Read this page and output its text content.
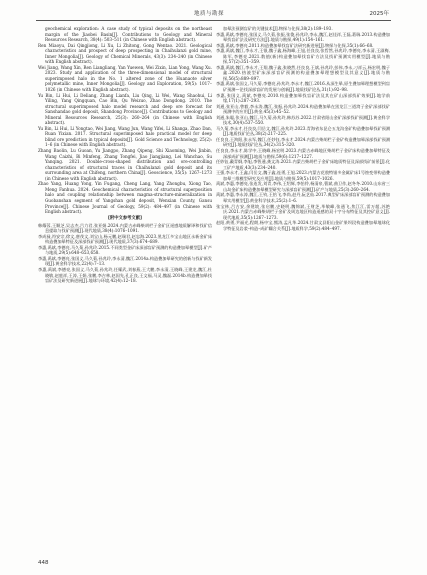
地质与勘探	2025年

geochemical exploration: A case study of typical deposits on the northeast margin of the Jiaobei Basin[J]. Contributions to Geology and Mineral Resources Research, 38(4): 503–511 (in Chinese with English abstract).

Ren Miaoyu, Dai Qingjiong, Li Xu, Li Zhitong, Gong Wentao. 2021. Geological characteristics and prospect of deep prospecting in Chaihulanzi gold mine, Inner Mongolia[J]. Geology of Chemical Minerals, 43(3): 234–240 (in Chinese with English abstract).

Wei Jiang, Wang Xin, Ren Liangliang, Yan Yuewen, Wei Zixin, Lian Yong, Wang Xu. 2023. Study and application of the three-dimensional model of structural superimposed halo in the No. 1 altered zone of the Huanaote silver polymetallic mine, Inner Mongolia[J]. Geology and Exploration, 59(5): 1017–1026 (in Chinese with English abstract).

Yu Bin, Li Hui, Li Deliang, Zhang Lianfa, Liu Qing, Li Wei, Wang Shaohui, Li Yiling, Yang Qingquan, Cao Bin, Qu Weizuo, Zhao Dongdong. 2010. The structural superimposed halo model research and deep ore forecast for Sanshandao gold deposit, Shandong Province[J]. Contributions to Geology and Mineral Resources Research, 25(3): 260–264 (in Chinese with English abstract).

Yu Bin, Li Hui, Li Yongtao, Wei Jiang, Wang Jun, Wang Yifei, Li Shanga, Zhao Dan, Ruan Yixian. 2017. Structural superimposed halo practical model for deep blind ore prediction in typical deposits[J]. Gold Science and Technology, 25(2): 1–6 (in Chinese with English abstract).

Zhang Baolin, Lu Guoan, Yu Jiangpo, Zhang Qipeng, Shi Xiaoming, Wei Jinbin, Wang Caizhi, Bi Minfeng, Zhang Tongfei, Jiao Jiangjiang, Lei Wanchao, Su Yanqing. 2021. Double-cross-shaped distribution and ore-controlling characteristics of structural traces in Chaihulanzi gold deposit and its surrounding area at Chifeng, northern China[J]. Geoscience, 35(5): 1267–1273 (in Chinese with English abstract).

Zhao Yang, Huang Yong, Yin Fugang, Cheng Lang, Yang Zhongbu, Xiong Tao, Meng Fanhua. 2024. Geochemical characteristics of structural superposition halo and coupling relationship between magma-structure-mineralization in Guobanshan segment of Yangshan gold deposit, Wenxian County, Gansu Province[J]. Chinese Journal of Geology, 59(2): 484–497 (in Chinese with English abstract).

[附中文参考文献]

韩耀蓉,王顺芝,吴志杰,吕力君,张亚娟.2024.内蒙古赤峰柴胡栏子金矿区遥感地质解译和找矿信息提取与找矿预测[J].现代地质,38(4):1076–1091.

李成禄,符安宗,徐文,唐茂文,刘宝山,杨元鹏,赵瑞君,赵忠海.2023.黑龙江多宝山地区永新金矿床构造叠加晕特征及深部找矿预测[J].现代地质,37(3):674–689.

李惠,禹斌,李德亮,马久菊,孙兆玲.2015.不同类型金矿床深部盲矿预测的构造叠加晕模型[J].矿产与地质,29(5):648–653,658.

李惠,禹斌,李德亮,张国义,马久菊,孙兆玲,李永清,魏江.2014a.构造叠加晕研究的创新与找矿新发现[J].黄金科学技术,22(4):7–13.

李惠,禹斌,李德亮,张国义,马久菊,孙兆玲,任耀武,刘春燕,王大鹏,李永清,王晓峰,王建龙,魏江,杜晓敏,赵庭祥,王涛,王娟,张鹏,李吉林,赵国先,孔正良,王文福,马灵,魏磊.2014b.构造叠加晕找盲矿法及研究新进展[J].地球与环境,42(4):12–18.

加晕法预测盲矿的关键技术[J].物探与化探,38(2):189–193.

李惠,禹斌,李德亮,张国义,马久菊,张振,张俊,孙兆玲,李永,魏江,赵佳祥,王磊,葛瑞.2013.构造叠加晕找盲矿法及研究方法[J].地质与勘探,49(1):154–161.

李惠,禹斌,李德亮.2011.构造叠加晕找盲矿法研究新进展[J].物探与化探,35(1):66–68.

李惠,禹斌,魏江,李永才,王银,魏子鑫,杨海峰,王旭,任良良,张哲然,孙兆玲,李德亮,李永清,王淑梅,陈军,李德亮.2021.数值(新)构造叠加晕找盲矿方法及找矿预测实用模型[J].地质与勘探,57(2):351–359.

李惠,禹斌,魏江,李永才,王翔,魏子鑫,张晓然,任良良,王斌,孙兆玲,彭伟,李永,刁祥云,杨宏明,魏子鑫.2020.热液型矿床深部盲矿预测的构造叠加晕理想模型及其意义[J].地质与勘探,56(5):889–897.

李惠,禹斌,张国义,马久菊,李德亮,孙兆玲,李永才,魏江.2016.从深生晕,原生叠加晕理想模型到盲矿预测—论找深部盲矿的发展与创新[J].地质找矿论丛,31(1):92–98.

李惠,张国义,禹斌,李德亮.2010.构造叠加晕找盲矿法及其在矿山深部找矿效果[J].地学前缘,17(1):287–293.

刘通,张亚山,曾毅,李永涛,魏江,张振,孙兆玲.2024.构造叠加晕在黑龙江三道湾子金矿深部找矿预测中的应用[J].黄金,45(3):45–52.

刘通,朱聪,张亚山,魏江,马久菊,孙兆玲,韩苏苏.2022.甘肃省阳山金矿深部找矿预测[J].黄金科学技术,30(4):537–550.

马久菊,李永才,任良良,闫岳文,魏江,孙兆玲.2023.青海省东昆仑五龙沟金矿构造叠加晕找矿预测[J].地质找矿论丛,38(2):217–225.

任良良,王洵阳,张永军,魏江,任妙钰,李永才.2024.内蒙古柴胡栏子金矿构造叠加晕深部找矿预测研究[J].地质找矿论丛,34(2):315–320.

任良良,李永才,陈学中,王晓峰,杨宏明.2023.内蒙古赤峰地区柴胡栏子金矿床构造叠加晕特征及深部成矿预测[J].地质与勘探,59(6):1217–1227.

任妙钰,戴青炯,李旭,李智通,龚文涛.2021.内蒙古柴胡栏子金矿床地质特征及深部找矿前景[J].化工矿产地质,43(3):234–240.

王强,李永才,王鑫,闫岳文,魏子鑫,连勇,王旭.2023.内蒙古花敖特银多金属矿床1号蚀变带构造叠加晕三维模型研究及应用[J].地质与勘探,59(5):1017–1026.

禹斌,李惠,李德亮,张连发,刘青,李伟,王绍辉,李怡伶,杨清泉,曹斌,曲卫作,赵冬冬.2010.山东省三山岛金矿床构造叠加晕模型研究与深部盲矿预测[J].矿产与地质,25(3):260–264.

禹斌,李惠,李永涛,魏江,王钧,王怡飞,李尚,赵丹,阮艺仙.2017.典型矿床深部盲矿预测的构造叠加晕实用模型[J].黄金科学技术,25(2):1–6.

张宝林,吕古安,余建坡,张启鹏,史晓明,魏锦斌,王财芝,毕敏峰,张通飞,焦江江,雷万超,苏艳庆.2021.内蒙古赤峰柴胡栏子金矿及周边地区构造遥感的双十字分布特征及其控矿意义[J].现代地质,35(5):1267–1273.

赵阳,黄勇,尹福光,程朗,杨中宝,熊涛,孟凡华.2024.甘肃文县阳山金矿果坝段构造叠加晕地球化学特征及岩浆–构造–成矿耦合关系[J].地质科学,59(2):484–497.

448
